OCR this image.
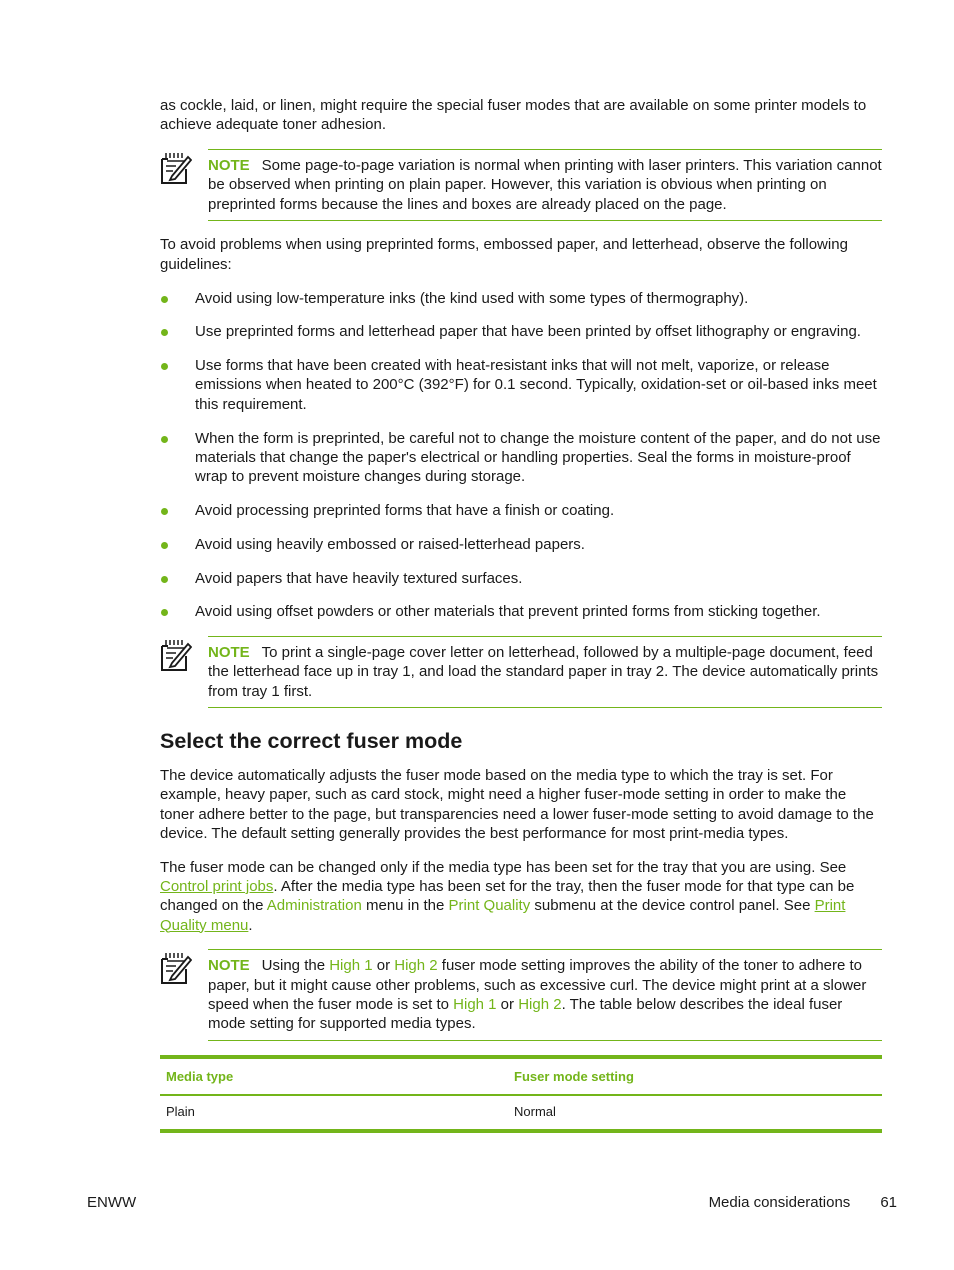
as cockle, laid, or linen, might require the special fuser modes that are available on some printer models to achieve adequate toner adhesion.

NOTE Some page-to-page variation is normal when printing with laser printers. This variation cannot be observed when printing on plain paper. However, this variation is obvious when printing on preprinted forms because the lines and boxes are already placed on the page.

To avoid problems when using preprinted forms, embossed paper, and letterhead, observe the following guidelines:

Avoid using low-temperature inks (the kind used with some types of thermography).
Use preprinted forms and letterhead paper that have been printed by offset lithography or engraving.
Use forms that have been created with heat-resistant inks that will not melt, vaporize, or release emissions when heated to 200°C (392°F) for 0.1 second. Typically, oxidation-set or oil-based inks meet this requirement.
When the form is preprinted, be careful not to change the moisture content of the paper, and do not use materials that change the paper's electrical or handling properties. Seal the forms in moisture-proof wrap to prevent moisture changes during storage.
Avoid processing preprinted forms that have a finish or coating.
Avoid using heavily embossed or raised-letterhead papers.
Avoid papers that have heavily textured surfaces.
Avoid using offset powders or other materials that prevent printed forms from sticking together.
NOTE To print a single-page cover letter on letterhead, followed by a multiple-page document, feed the letterhead face up in tray 1, and load the standard paper in tray 2. The device automatically prints from tray 1 first.
Select the correct fuser mode

The device automatically adjusts the fuser mode based on the media type to which the tray is set. For example, heavy paper, such as card stock, might need a higher fuser-mode setting in order to make the toner adhere better to the page, but transparencies need a lower fuser-mode setting to avoid damage to the device. The default setting generally provides the best performance for most print-media types.

The fuser mode can be changed only if the media type has been set for the tray that you are using. See Control print jobs. After the media type has been set for the tray, then the fuser mode for that type can be changed on the Administration menu in the Print Quality submenu at the device control panel. See Print Quality menu.

NOTE Using the High 1 or High 2 fuser mode setting improves the ability of the toner to adhere to paper, but it might cause other problems, such as excessive curl. The device might print at a slower speed when the fuser mode is set to High 1 or High 2. The table below describes the ideal fuser mode setting for supported media types.
Media type	Fuser mode setting
Plain	Normal
ENWW	Media considerations 61
